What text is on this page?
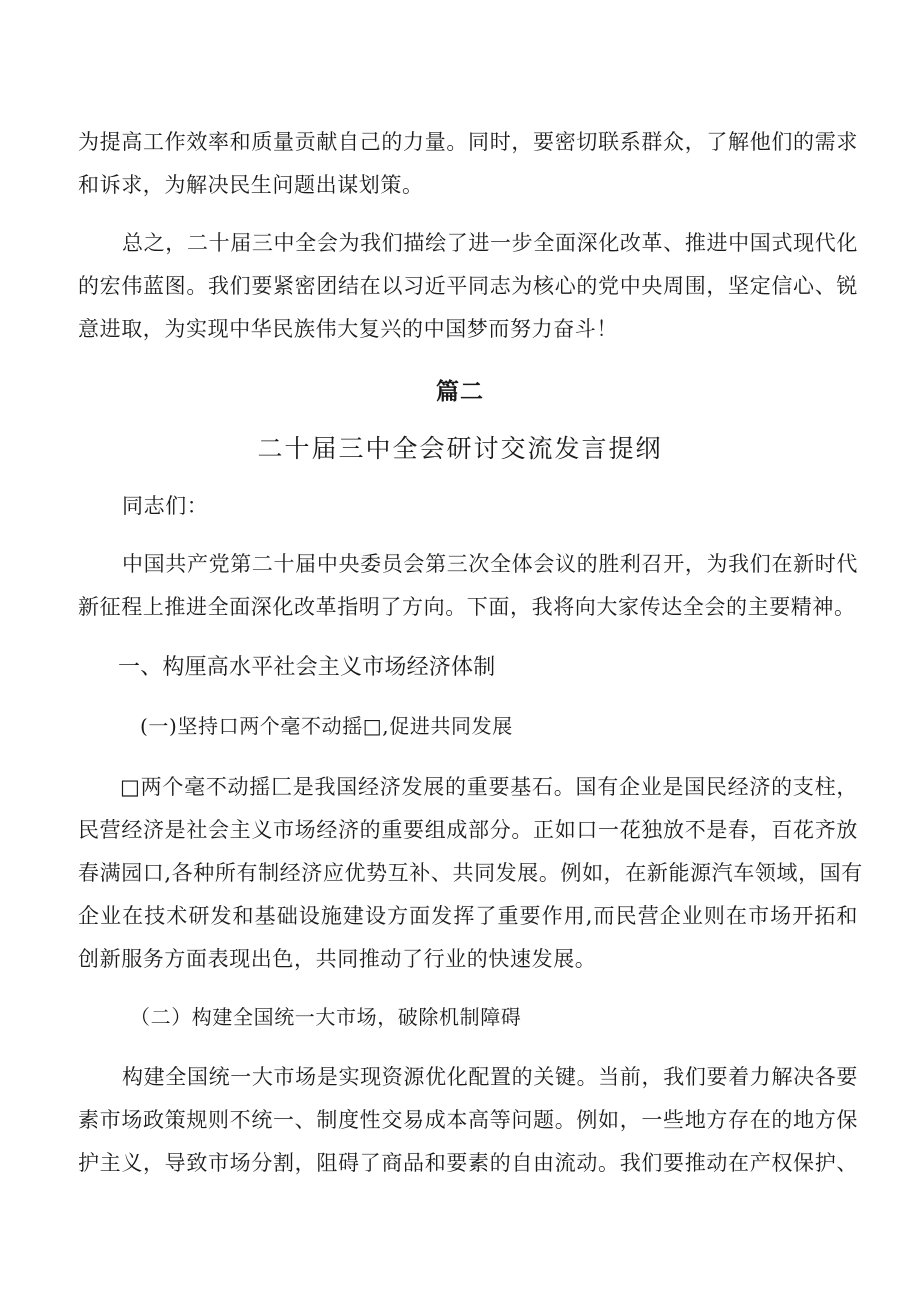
为提高工作效率和质量贡献自己的力量。同时，要密切联系群众，了解他们的需求
和诉求，为解决民生问题出谋划策。
总之，二十届三中全会为我们描绘了进一步全面深化改革、推进中国式现代化
的宏伟蓝图。我们要紧密团结在以习近平同志为核心的党中央周围，坚定信心、锐
意进取，为实现中华民族伟大复兴的中国梦而努力奋斗！
篇二
二十届三中全会研讨交流发言提纲
同志们：
中国共产党第二十届中央委员会第三次全体会议的胜利召开，为我们在新时代
新征程上推进全面深化改革指明了方向。下面，我将向大家传达全会的主要精神。
一、构厘高水平社会主义市场经济体制
(一)坚持口两个毫不动摇□,促进共同发展
□两个毫不动摇匚是我国经济发展的重要基石。国有企业是国民经济的支柱，
民营经济是社会主义市场经济的重要组成部分。正如口一花独放不是春，百花齐放
春满园口,各种所有制经济应优势互补、共同发展。例如，在新能源汽车领域，国有
企业在技术研发和基础设施建设方面发挥了重要作用,而民营企业则在市场开拓和
创新服务方面表现出色，共同推动了行业的快速发展。
（二）构建全国统一大市场，破除机制障碍
构建全国统一大市场是实现资源优化配置的关键。当前，我们要着力解决各要
素市场政策规则不统一、制度性交易成本高等问题。例如，一些地方存在的地方保
护主义，导致市场分割，阻碍了商品和要素的自由流动。我们要推动在产权保护、
